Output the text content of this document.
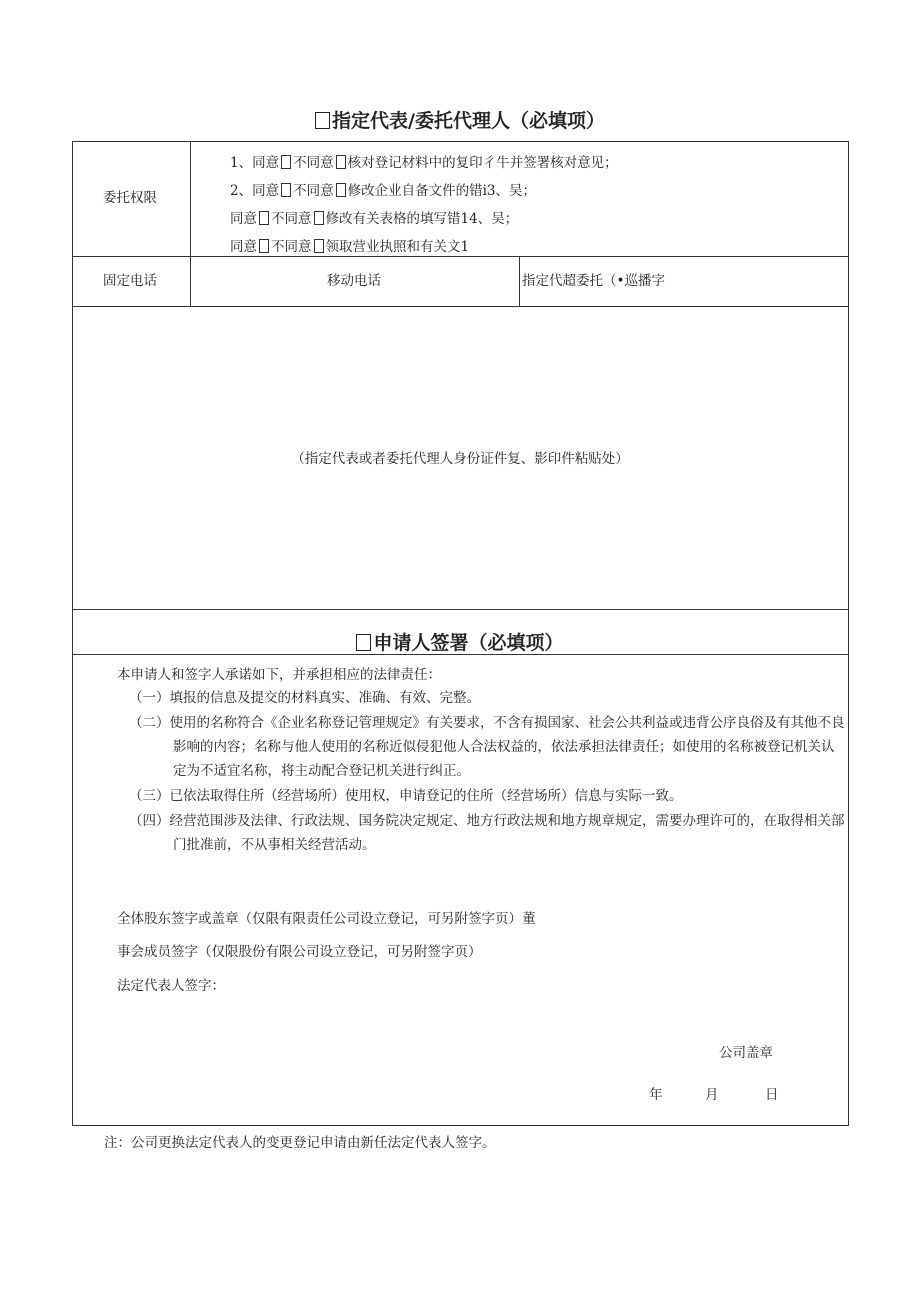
指定代表/委托代理人（必填项）
委托权限
1、同意 不同意 核对登记材料中的复印彳牛并签署核对意见；
2、同意 不同意 修改企业自备文件的错i3、吴；
同意 不同意 修改有关表格的填写错14、吴；
同意 不同意 领取营业执照和有关文1
固定电话	移动电话	指定代超委托（•巡播字
（指定代表或者委托代理人身份证件复、影印件粘贴处）
申请人签署（必填项）
本申请人和签字人承诺如下，并承担相应的法律责任：
（一）填报的信息及提交的材料真实、准确、有效、完整。
（二）使用的名称符合《企业名称登记管理规定》有关要求，不含有损国家、社会公共利益或违背公序良俗及有其他不良影响的内容；名称与他人使用的名称近似侵犯他人合法权益的，依法承担法律责任；如使用的名称被登记机关认定为不适宜名称，将主动配合登记机关进行纠正。
（三）已依法取得住所（经营场所）使用权，申请登记的住所（经营场所）信息与实际一致。
（四）经营范围涉及法律、行政法规、国务院决定规定、地方行政法规和地方规章规定，需要办理许可的，在取得相关部门批准前，不从事相关经营活动。
全体股东签字或盖章（仅限有限责任公司设立登记，可另附签字页）董
事会成员签字（仅限股份有限公司设立登记，可另附签字页）
法定代表人签字：
公司盖章
年	月	日
注：公司更换法定代表人的变更登记申请由新任法定代表人签字。
